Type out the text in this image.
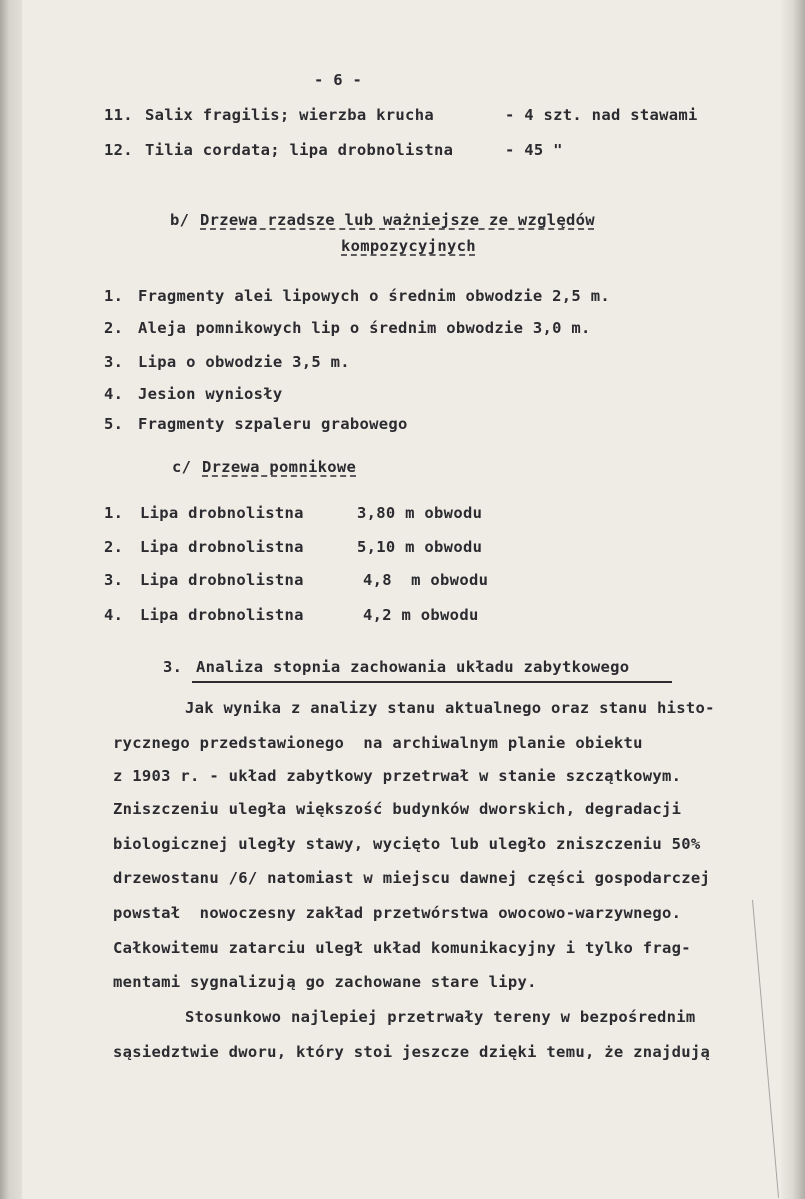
- 6 -
11. Salix fragilis; wierzba krucha	- 4 szt. nad stawami
12. Tilia cordata; lipa drobnolistna	- 45 "
b/ Drzewa rzadsze lub ważniejsze ze względów
kompozycyjnych
1. Fragmenty alei lipowych o średnim obwodzie 2,5 m.
2. Aleja pomnikowych lip o średnim obwodzie 3,0 m.
3. Lipa o obwodzie 3,5 m.
4. Jesion wyniosły
5. Fragmenty szpaleru grabowego
c/ Drzewa pomnikowe
1. Lipa drobnolistna	3,80 m obwodu
2. Lipa drobnolistna	5,10 m obwodu
3. Lipa drobnolistna	4,8  m obwodu
4. Lipa drobnolistna	4,2 m obwodu
3. Analiza stopnia zachowania układu zabytkowego
Jak wynika z analizy stanu aktualnego oraz stanu histo-
rycznego przedstawionego  na archiwalnym planie obiektu
z 1903 r. - układ zabytkowy przetrwał w stanie szczątkowym.
Zniszczeniu uległa większość budynków dworskich, degradacji
biologicznej uległy stawy, wycięto lub uległo zniszczeniu 50%
drzewostanu /6/ natomiast w miejscu dawnej części gospodarczej
powstał  nowoczesny zakład przetwórstwa owocowo-warzywnego.
Całkowitemu zatarciu uległ układ komunikacyjny i tylko frag-
mentami sygnalizują go zachowane stare lipy.
Stosunkowo najlepiej przetrwały tereny w bezpośrednim
sąsiedztwie dworu, który stoi jeszcze dzięki temu, że znajdują
